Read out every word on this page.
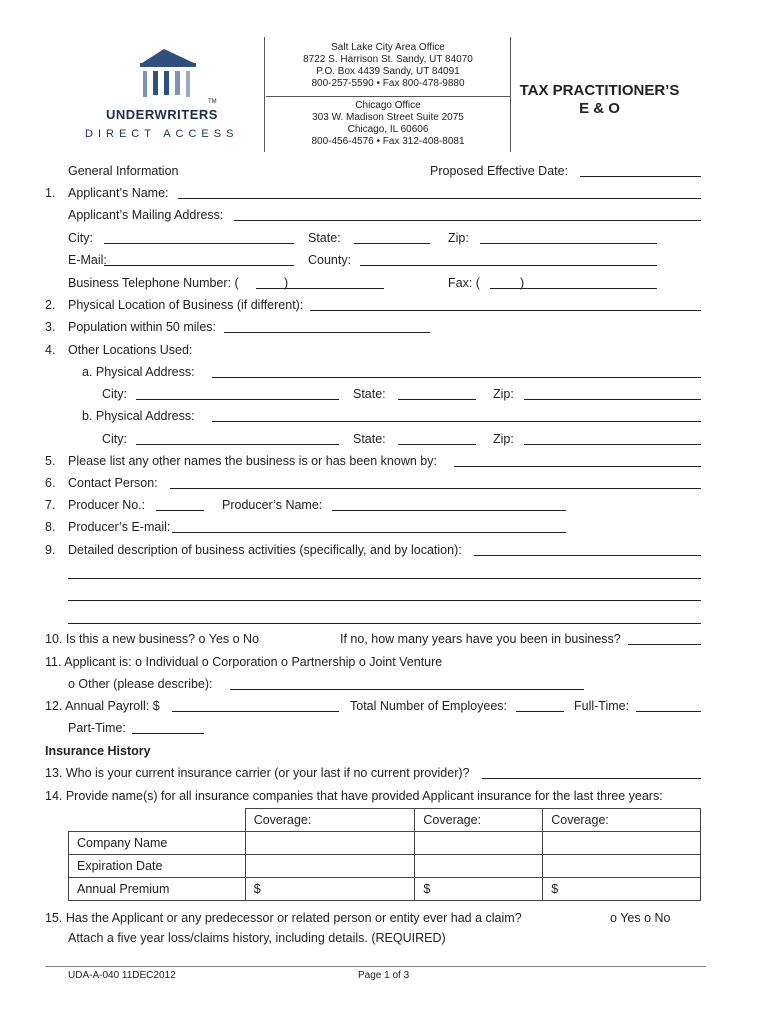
UNDERWRITERS
TM
DIRECT ACCESS
Salt Lake City Area Office
8722 S. Harrison St. Sandy, UT 84070
P.O. Box 4439 Sandy, UT 84091
800-257-5590 • Fax 800-478-9880
Chicago Office
303 W. Madison Street Suite 2075
Chicago, IL 60606
800-456-4576 • Fax 312-408-8081
TAX PRACTITIONER’S
E & O
General Information	Proposed Effective Date:
1. Applicant’s Name:
Applicant’s Mailing Address:
City:	State:	Zip:
E-Mail:	County:
Business Telephone Number: (	)	Fax: (	)
2. Physical Location of Business (if different):
3. Population within 50 miles:
4. Other Locations Used:
a. Physical Address:
City:	State:	Zip:
b. Physical Address:
City:	State:	Zip:
5. Please list any other names the business is or has been known by:
6. Contact Person:
7. Producer No.:	Producer’s Name:
8. Producer’s E-mail:
9. Detailed description of business activities (specifically, and by location):
10. Is this a new business? o Yes o No	If no, how many years have you been in business?
11. Applicant is: o Individual o Corporation o Partnership o Joint Venture
o Other (please describe):
12. Annual Payroll: $	Total Number of Employees:	Full-Time:
Part-Time:
Insurance History
13. Who is your current insurance carrier (or your last if no current provider)?
14. Provide name(s) for all insurance companies that have provided Applicant insurance for the last three years:
	Coverage:	Coverage:	Coverage:
Company Name			
Expiration Date			
Annual Premium	$	$	$
15. Has the Applicant or any predecessor or related person or entity ever had a claim?	o Yes o No
Attach a five year loss/claims history, including details. (REQUIRED)
UDA-A-040 11DEC2012	Page 1 of 3
